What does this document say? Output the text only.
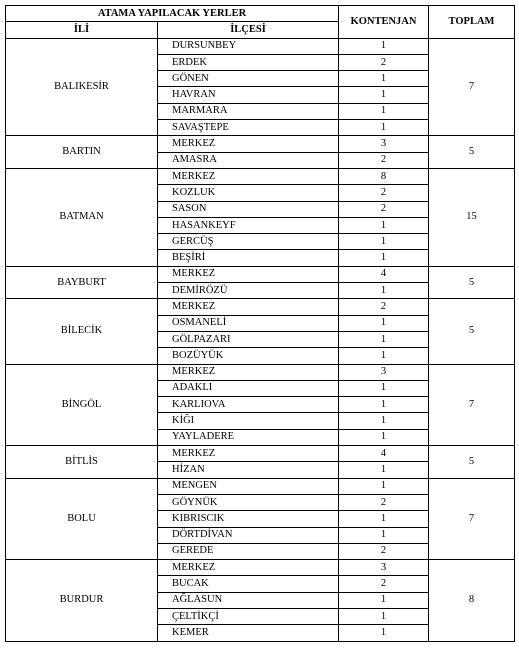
ATAMA YAPILACAK YERLER		KONTENJAN	TOPLAM
İLİ	İLÇESİ		
BALIKESİR	DURSUNBEY	1	7
	ERDEK	2	
	GÖNEN	1	
	HAVRAN	1	
	MARMARA	1	
	SAVAŞTEPE	1	
BARTIN	MERKEZ	3	5
	AMASRA	2	
BATMAN	MERKEZ	8	15
	KOZLUK	2	
	SASON	2	
	HASANKEYF	1	
	GERCÜŞ	1	
	BEŞİRİ	1	
BAYBURT	MERKEZ	4	5
	DEMİRÖZÜ	1	
BİLECİK	MERKEZ	2	5
	OSMANELİ	1	
	GÖLPAZARI	1	
	BOZÜYÜK	1	
BİNGÖL	MERKEZ	3	7
	ADAKLI	1	
	KARLIOVA	1	
	KİĞI	1	
	YAYLADERE	1	
BİTLİS	MERKEZ	4	5
	HİZAN	1	
BOLU	MENGEN	1	7
	GÖYNÜK	2	
	KIBRISCIK	1	
	DÖRTDİVAN	1	
	GEREDE	2	
BURDUR	MERKEZ	3	8
	BUCAK	2	
	AĞLASUN	1	
	ÇELTİKÇİ	1	
	KEMER	1	
